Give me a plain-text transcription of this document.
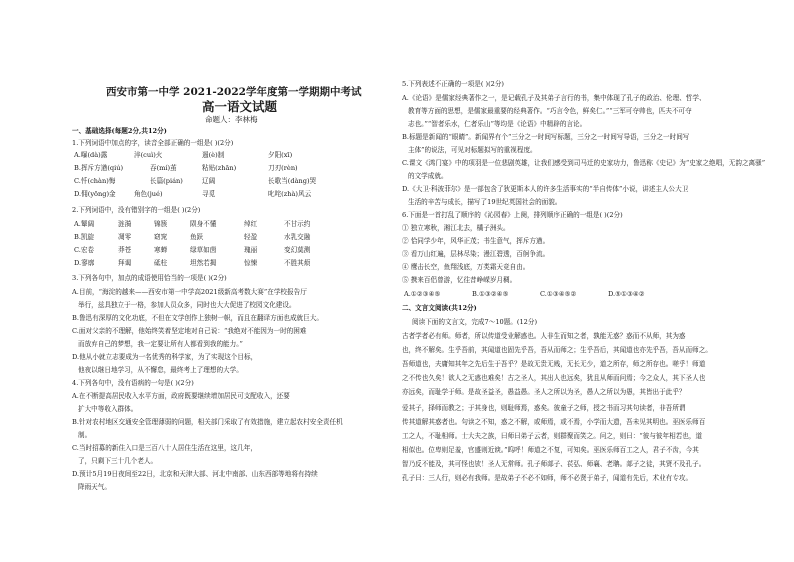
西安市第一中学 2021-2022学年度第一学期期中考试
高一语文试题
命题人：李林梅
一、基础选择(每题2分,共12分)
1.下列词语中加点的字，读音全部正确的一组是( )(2分)
A.曝(dà)露	淬(cuì)火	遏(è)制	夕阳(xī)
B.挥斥方遒(qiú)	吞(mí)茧	粘贴(zhān)	刀刃(rèn)
C.忏(chàn)悔	长篇(pián)	辽阔	长歌当(dàng)哭
D.佣(yōng)金	角色(jué)	寻觅	叱咤(zhà)风云
2.下列词语中，没有错别字的一组是( )(2分)
A.颦阔	涟漪	锦簇	陨身不懂	绰红	不甘示约
B.凯旋	凋零	窈窕	鱼跃	轻盈	水乳交融
C.宏卷	莽苍	寒蝉	绿草如茵	瑰丽	变幻莫测
D.寥廓	拜谒	砥柱	坦然若揭	惊悚	不胜其烦
3.下列各句中，加点的成语使用恰当的一项是( )(2分)
A.目前，“海淀的越来——西安市第一中学高2021级新高考数大赛”在学校报告厅
举行，兹具独立于一格，参加人员众多，同时也大大促进了校园文化建设。
B.鲁迅有深厚的文化功底，不但在文学创作上独树一帜，而且在翻译方面也成就巨大。
C.面对父亲的不理解，他始终笑着坚定地对自己说：“我绝对不能因为一时的困难
而放弃自己的梦想，我一定要让所有人都看到我的能力。”
D.他从小就立志要成为一名优秀的科学家，为了实现这个目标，
他夜以继日地学习，从不懈怠，最终考上了理想的大学。
4.下列各句中，没有语病的一句是( )(2分)
A.在不断提高居民收入水平方面，政府既要继续增加居民可支配收入，还要
扩大中等收入群体。
B.针对农村地区交通安全管理薄弱的问题，相关部门采取了有效措施，建立起农村安全责任机
制。
C.当时招募的新住入口是三百八十人居住生活在这里，这几年，
了，只剩下三十几个老人。
D.预计5月19日夜间至22日，北京和天津大部、河北中南部、山东西部等地将有持续
降雨天气。
5.下列表述不正确的一项是( )(2分)
A.《论语》是儒家经典著作之一，是记载孔子及其弟子言行的书，集中体现了孔子的政治、伦理、哲学、
教育等方面的思想，是儒家最重要的经典著作。“巧言令色，鲜矣仁。”“三军可夺帅也，匹夫不可夺
志也。”“智者乐水，仁者乐山”等均是《论语》中精辟的言论。
B.标题是新闻的“眼睛”。新闻界有个“三分之一时间写标题，三分之一时间写导语，三分之一时间写
主体”的说法，可见对标题拟写的重视程度。
C.课文《鸿门宴》中的项羽是一位悲剧英雄，让我们感受到司马迁的史家功力，鲁迅称《史记》为“史家之绝唱，无韵之离骚”
的文学成就。
D.《大卫·科波菲尔》是一部包含了狄更斯本人的许多生活事实的“半自传体”小说，讲述主人公大卫
生活的辛苦与成长，描写了19世纪英国社会的面貌。
6.下面是一首打乱了顺序的《沁园春》上阕，排列顺序正确的一组是( )(2分)
① 独立寒秋，湘江北去，橘子洲头。
② 恰同学少年，风华正茂；书生意气，挥斥方遒。
③ 看万山红遍，层林尽染；漫江碧透，百舸争流。
④ 鹰击长空，鱼翔浅底，万类霜天竞自由。
⑤ 携来百侣曾游，忆往昔峥嵘岁月稠。
A.①②③④⑤	B.①③②④⑤	C.①③④⑤②	D.⑤①③④②
二、文言文阅读(共12分)
阅读下面的文言文，完成7～10题。(12分)
古者学者必有师。师者，所以传道受业解惑也。人非生而知之者，孰能无惑？惑而不从师，其为惑
也，终不解矣。生乎吾前，其闻道也固先乎吾，吾从而师之；生乎吾后，其闻道也亦先乎吾，吾从而师之。
吾师道也，夫庸知其年之先后生于吾乎？是故无贵无贱，无长无少，道之所存，师之所存也。嗟乎！师道
之不传也久矣！欲人之无惑也难矣！古之圣人，其出人也远矣，犹且从师而问焉；今之众人，其下圣人也
亦远矣，而耻学于师。是故圣益圣，愚益愚。圣人之所以为圣，愚人之所以为愚，其皆出于此乎？
爱其子，择师而教之；于其身也，则耻师焉，惑矣。彼童子之师，授之书而习其句读者，非吾所谓
传其道解其惑者也。句读之不知，惑之不解，或师焉，或不焉，小学而大遗，吾未见其明也。巫医乐师百
工之人，不耻相师。士大夫之族，曰师曰弟子云者，则群聚而笑之。问之，则曰：“彼与彼年相若也，道
相似也。位卑则足羞，官盛则近谀。”呜呼！师道之不复，可知矣。巫医乐师百工之人，君子不齿，今其
智乃反不能及，其可怪也欤！圣人无常师。孔子师郯子、苌弘、师襄、老聃。郯子之徒，其贤不及孔子。
孔子曰：三人行，则必有我师。是故弟子不必不如师，师不必贤于弟子，闻道有先后，术业有专攻。
